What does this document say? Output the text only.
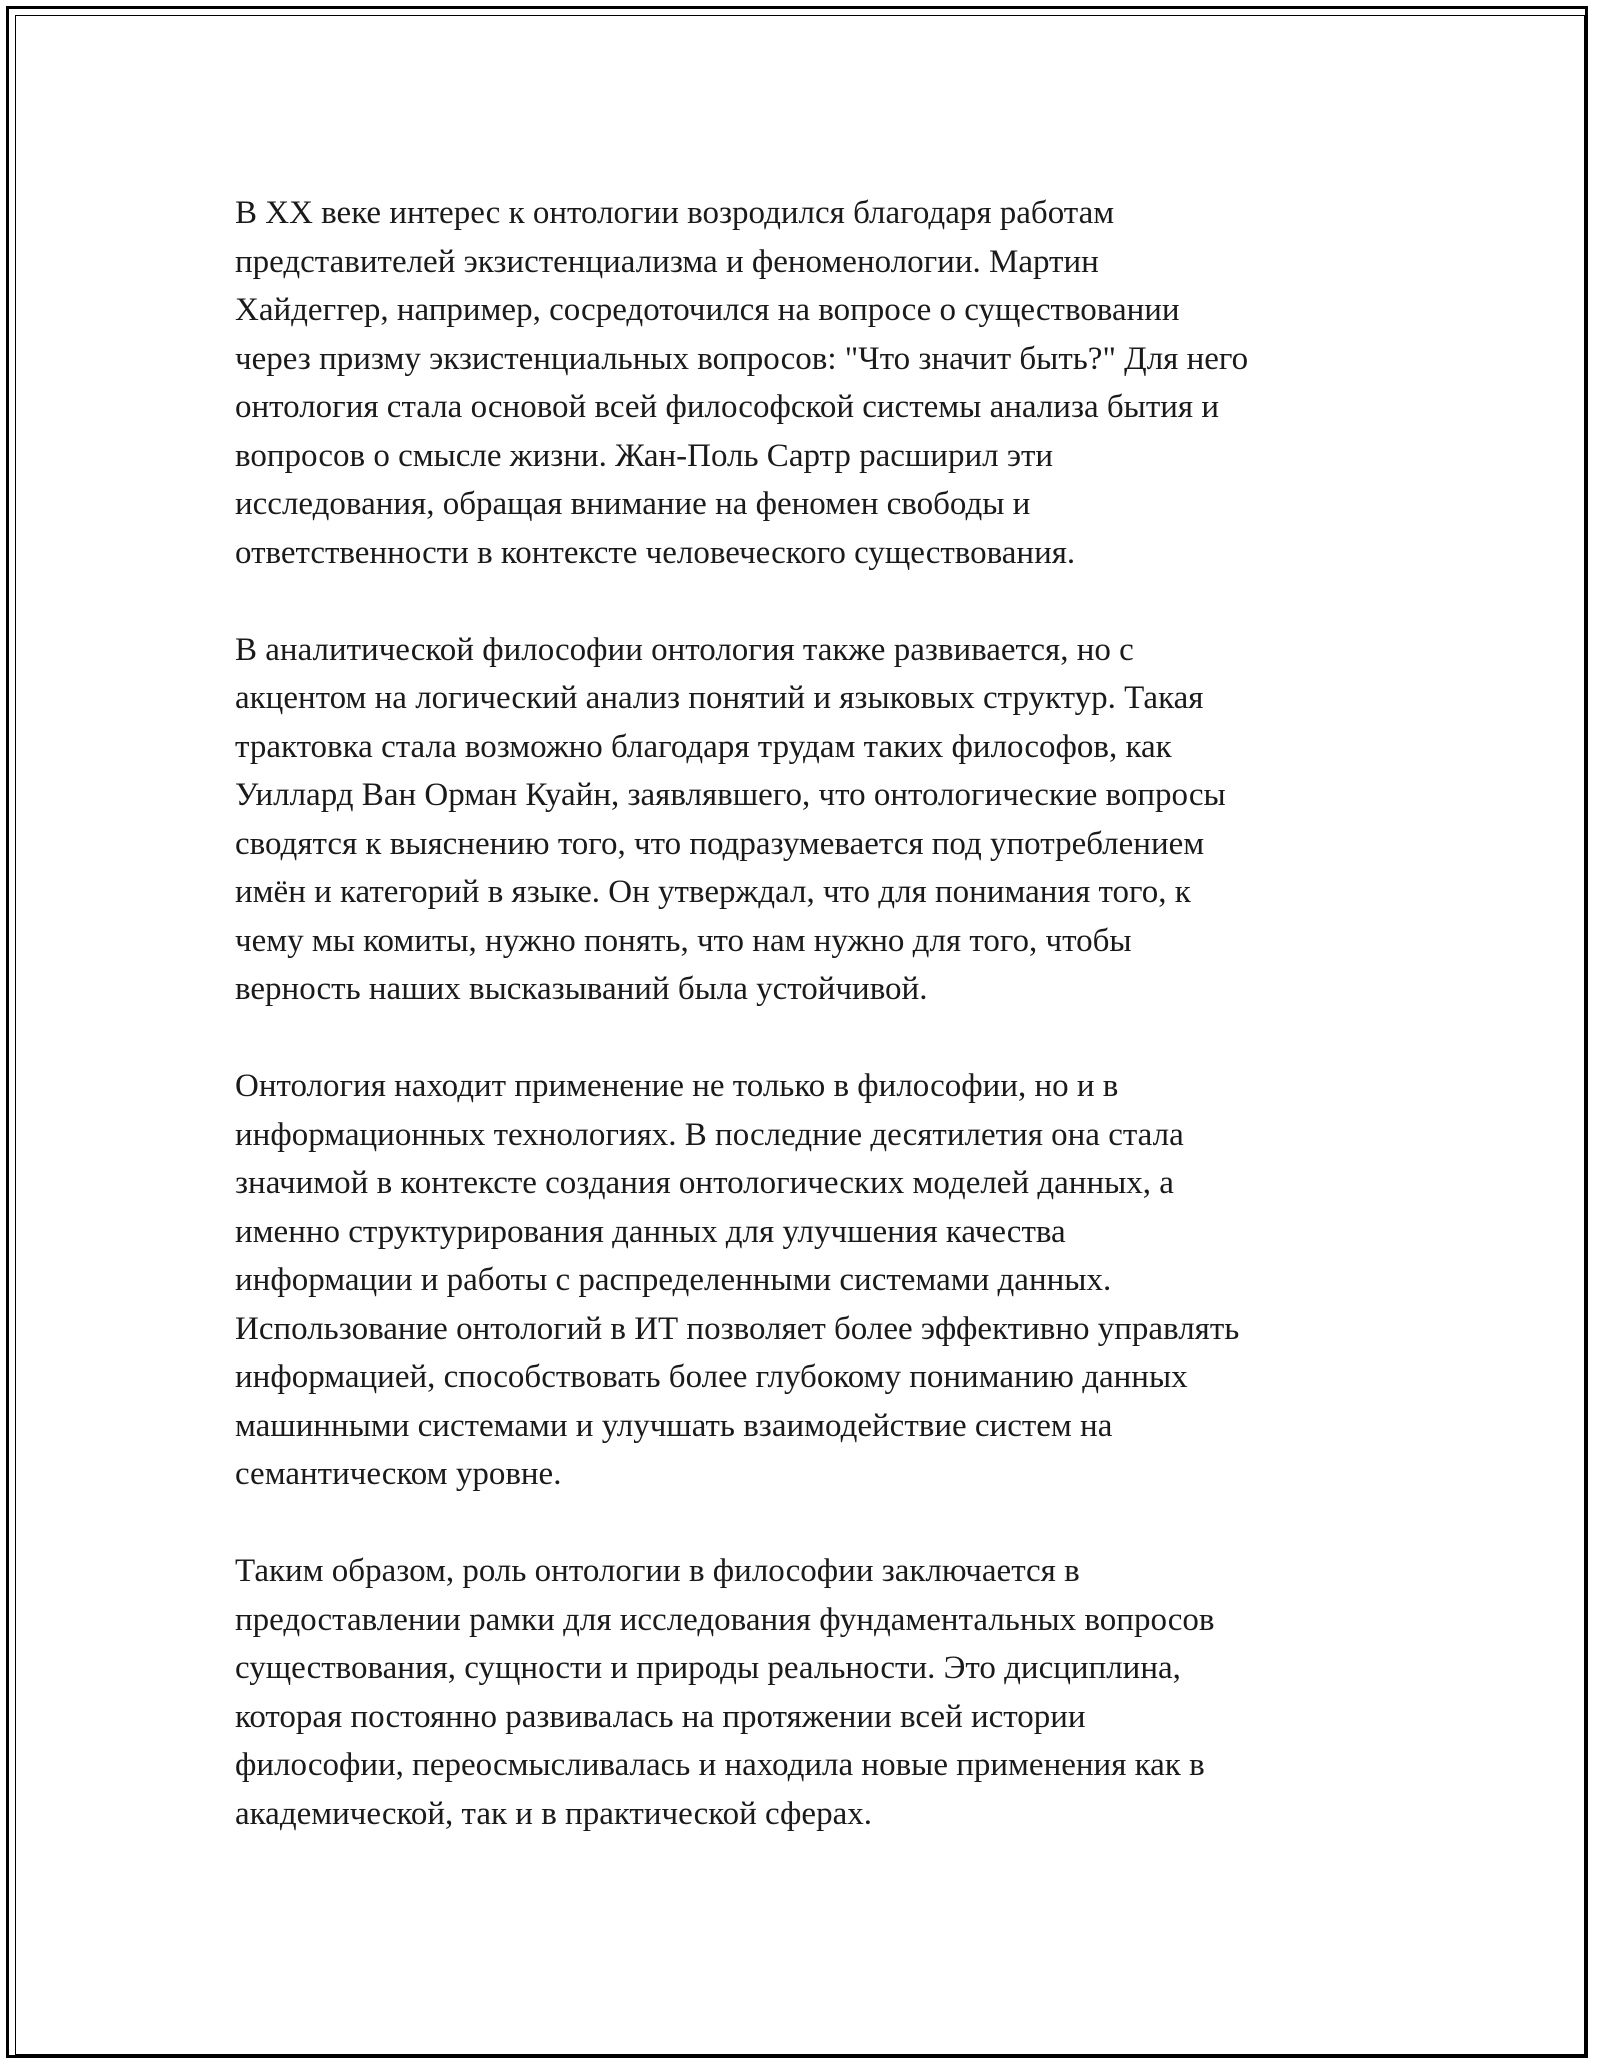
В XX веке интерес к онтологии возродился благодаря работам
представителей экзистенциализма и феноменологии. Мартин
Хайдеггер, например, сосредоточился на вопросе о существовании
через призму экзистенциальных вопросов: "Что значит быть?" Для него
онтология стала основой всей философской системы анализа бытия и
вопросов о смысле жизни. Жан-Поль Сартр расширил эти
исследования, обращая внимание на феномен свободы и
ответственности в контексте человеческого существования.

В аналитической философии онтология также развивается, но с
акцентом на логический анализ понятий и языковых структур. Такая
трактовка стала возможно благодаря трудам таких философов, как
Уиллард Ван Орман Куайн, заявлявшего, что онтологические вопросы
сводятся к выяснению того, что подразумевается под употреблением
имён и категорий в языке. Он утверждал, что для понимания того, к
чему мы комиты, нужно понять, что нам нужно для того, чтобы
верность наших высказываний была устойчивой.

Онтология находит применение не только в философии, но и в
информационных технологиях. В последние десятилетия она стала
значимой в контексте создания онтологических моделей данных, а
именно структурирования данных для улучшения качества
информации и работы с распределенными системами данных.
Использование онтологий в ИТ позволяет более эффективно управлять
информацией, способствовать более глубокому пониманию данных
машинными системами и улучшать взаимодействие систем на
семантическом уровне.

Таким образом, роль онтологии в философии заключается в
предоставлении рамки для исследования фундаментальных вопросов
существования, сущности и природы реальности. Это дисциплина,
которая постоянно развивалась на протяжении всей истории
философии, переосмысливалась и находила новые применения как в
академической, так и в практической сферах.
